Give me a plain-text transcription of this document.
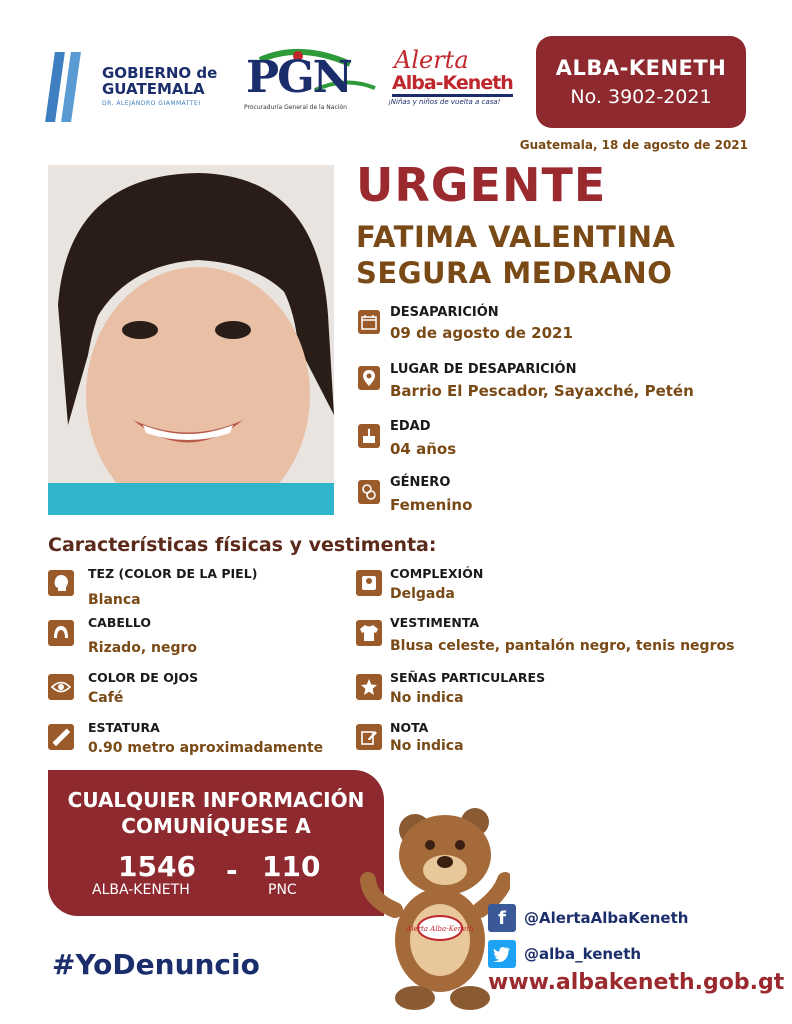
GOBIERNO de
GUATEMALA
DR. ALEJANDRO GIAMMATTEI
PGN
Procuraduría General de la Nación
Alerta
Alba-Keneth
¡Niñas y niños de vuelta a casa!
ALBA-KENETH
No. 3902-2021
Guatemala, 18 de agosto de 2021
URGENTE
FATIMA VALENTINA
SEGURA MEDRANO
DESAPARICIÓN
09 de agosto de 2021
LUGAR DE DESAPARICIÓN
Barrio El Pescador, Sayaxché, Petén
EDAD
04 años
GÉNERO
Femenino
Características físicas y vestimenta:
TEZ (COLOR DE LA PIEL)
Blanca
CABELLO
Rizado, negro
COLOR DE OJOS
Café
ESTATURA
0.90 metro aproximadamente
COMPLEXIÓN
Delgada
VESTIMENTA
Blusa celeste, pantalón negro, tenis negros
SEÑAS PARTICULARES
No indica
NOTA
No indica
CUALQUIER INFORMACIÓN
COMUNÍQUESE A
1546
ALBA-KENETH
- 110
PNC
Alerta Alba-Keneth
f	@AlertaAlbaKeneth
@alba_keneth
#YoDenuncio
www.albakeneth.gob.gt
